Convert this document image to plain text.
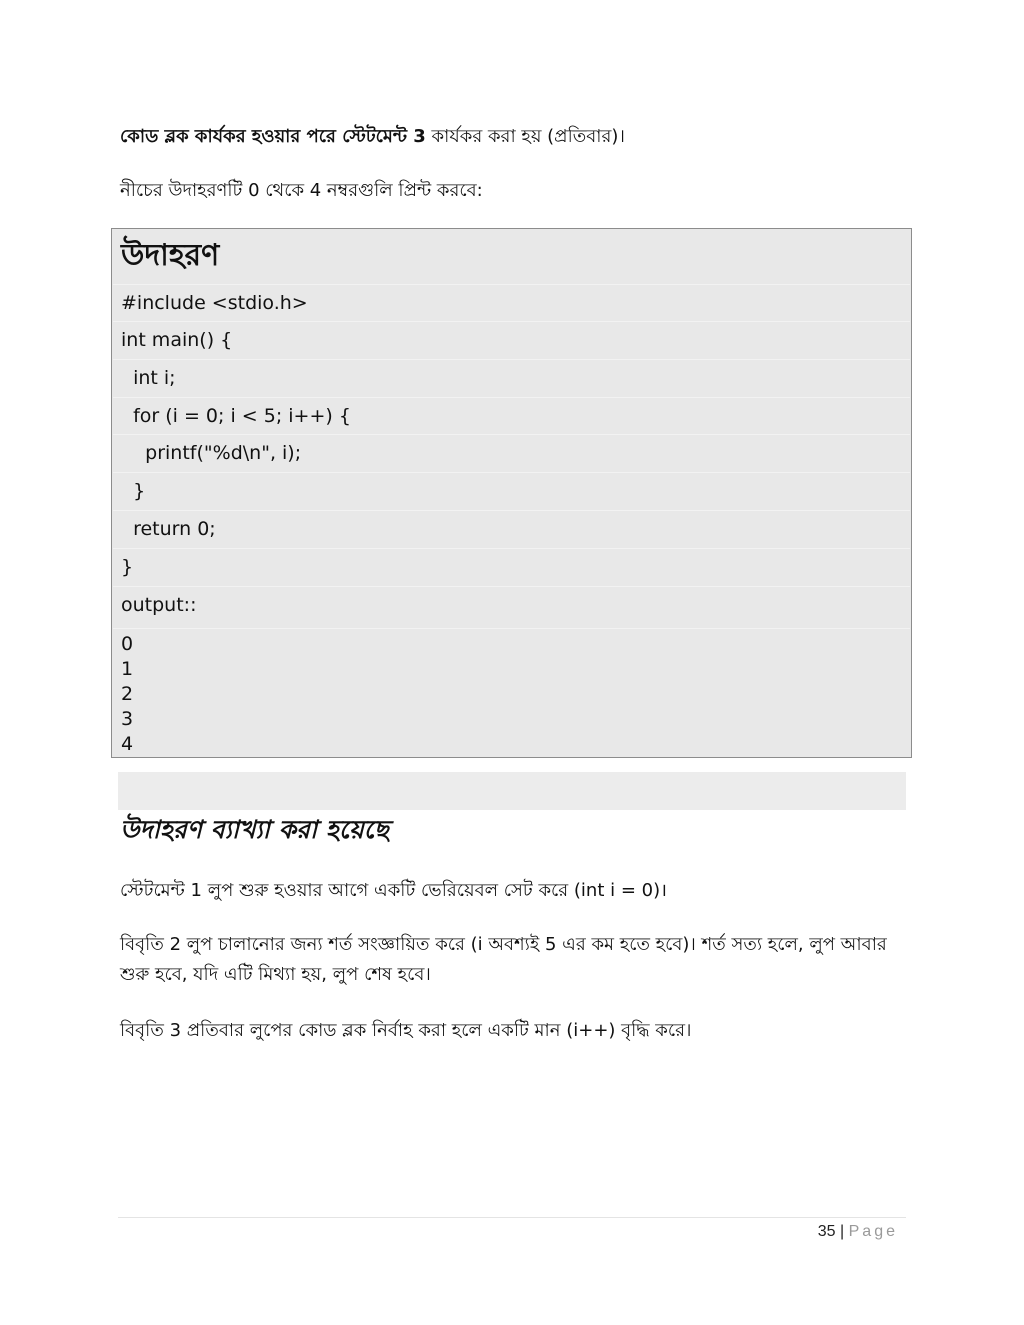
কোড ব্লক কার্যকর হওয়ার পরে স্টেটমেন্ট 3 কার্যকর করা হয় (প্রতিবার)।

নীচের উদাহরণটি 0 থেকে 4 নম্বরগুলি প্রিন্ট করবে:

উদাহরণ
#include <stdio.h>
int main() {
int i;
for (i = 0; i < 5; i++) {
printf("%d\n", i);
}
return 0;
}
output::
0
1
2
3
4
উদাহরণ ব্যাখ্যা করা হয়েছে

স্টেটমেন্ট 1 লুপ শুরু হওয়ার আগে একটি ভেরিয়েবল সেট করে (int i = 0)।

বিবৃতি 2 লুপ চালানোর জন্য শর্ত সংজ্ঞায়িত করে (i অবশ্যই 5 এর কম হতে হবে)। শর্ত সত্য হলে, লুপ আবার শুরু হবে, যদি এটি মিথ্যা হয়, লুপ শেষ হবে।

বিবৃতি 3 প্রতিবার লুপের কোড ব্লক নির্বাহ করা হলে একটি মান (i++) বৃদ্ধি করে।

35 | Page
